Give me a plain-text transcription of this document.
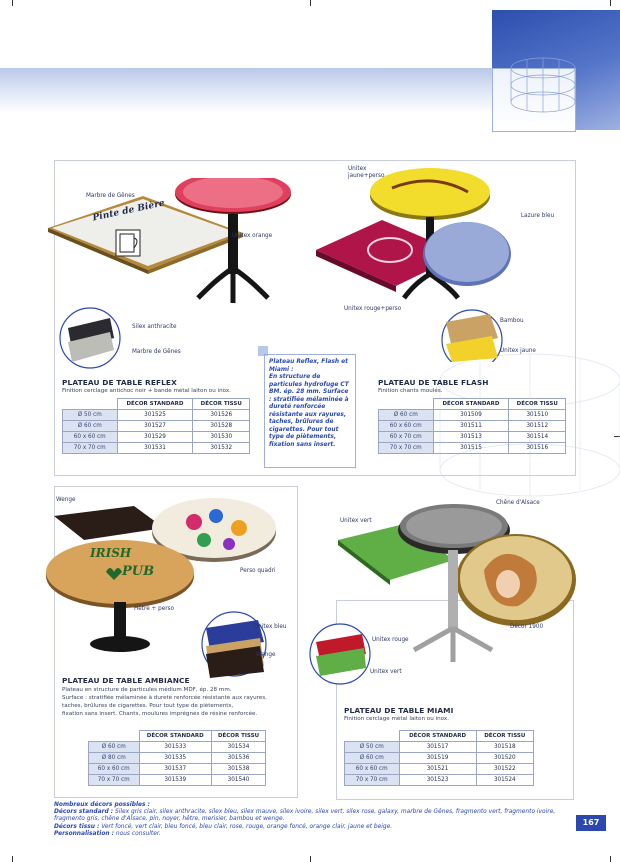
Pinte de Bière
Marbre de Gênes
Unitex orange
Silex anthracite
Marbre de Gênes
PLATEAU DE TABLE REFLEX
Finition cerclage antichoc noir + bande métal laiton ou inox.
	DÉCOR STANDARD	DÉCOR TISSU
Ø 50 cm	301525	301526
Ø 60 cm	301527	301528
60 x 60 cm	301529	301530
70 x 70 cm	301531	301532
Plateau Reflex, Flash et Miami :
En structure de particules hydrofuge CT BM. ép. 28 mm. Surface : stratifiée mélaminée à dureté renforcée résistante aux rayures, taches, brûlures de cigarettes. Pour tout type de piètements, fixation sans insert.
Unitex jaune+perso
Lazure bleu
Unitex rouge+perso
Bambou
Unitex jaune
PLATEAU DE TABLE FLASH
Finition chants moulés.
	DÉCOR STANDARD	DÉCOR TISSU
Ø 60 cm	301509	301510
60 x 60 cm	301511	301512
60 x 70 cm	301513	301514
70 x 70 cm	301515	301516
IRISH
PUB
Wenge
Perso quadri
Hêtre + perso
Unitex bleu
Wenge
PLATEAU DE TABLE AMBIANCE
Plateau en structure de particules médium MDF, ép. 28 mm.
Surface : stratifiée mélaminée à dureté renforcée résistante aux rayures,
taches, brûlures de cigarettes. Pour tout type de piètements,
fixation sans insert. Chants, moulures imprégnés de résine renforcée.
	DÉCOR STANDARD	DÉCOR TISSU
Ø 60 cm	301533	301534
Ø 80 cm	301535	301536
60 x 60 cm	301537	301538
70 x 70 cm	301539	301540
Unitex vert
Chêne d'Alsace
Décor 1900
Unitex rouge
Unitex vert
PLATEAU DE TABLE MIAMI
Finition cerclage métal laiton ou inox.
	DÉCOR STANDARD	DÉCOR TISSU
Ø 50 cm	301517	301518
Ø 60 cm	301519	301520
60 x 60 cm	301521	301522
70 x 70 cm	301523	301524
Nombreux décors possibles :
Décors standard : Silex gris clair, silex anthracite, silex bleu, silex mauve, silex ivoire, silex vert, silex rose, galaxy, marbre de Gênes, fragmento vert, fragmento ivoire, fragmento gris, chêne d'Alsace, pin, noyer, hêtre, merisier, bambou et wenge.
Décors tissu : Vert foncé, vert clair, bleu foncé, bleu clair, rose, rouge, orange foncé, orange clair, jaune et beige.
Personnalisation : nous consulter.
167
